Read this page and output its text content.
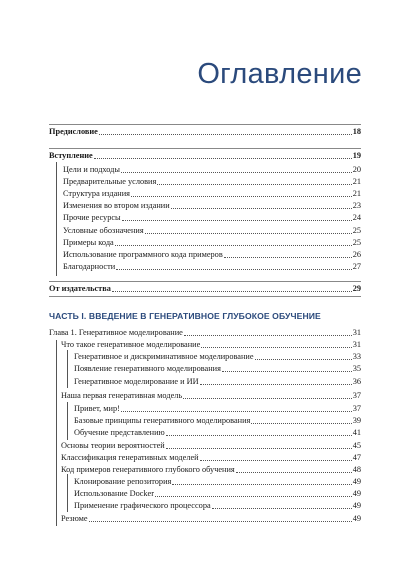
Оглавление
ЧАСТЬ I. ВВЕДЕНИЕ В ГЕНЕРАТИВНОЕ ГЛУБОКОЕ ОБУЧЕНИЕ
Предисловие	18
Вступление	19
Цели и подходы	20
Предварительные условия	21
Структура издания	21
Изменения во втором издании	23
Прочие ресурсы	24
Условные обозначения	25
Примеры кода	25
Использование программного кода примеров	26
Благодарности	27
От издательства	29
Глава 1. Генеративное моделирование	31
Что такое генеративное моделирование	31
Генеративное и дискриминативное моделирование	33
Появление генеративного моделирования	35
Генеративное моделирование и ИИ	36
Наша первая генеративная модель	37
Привет, мир!	37
Базовые принципы генеративного моделирования	39
Обучение представлению	41
Основы теории вероятностей	45
Классификация генеративных моделей	47
Код примеров генеративного глубокого обучения	48
Клонирование репозитория	49
Использование Docker	49
Применение графического процессора	49
Резюме	49
